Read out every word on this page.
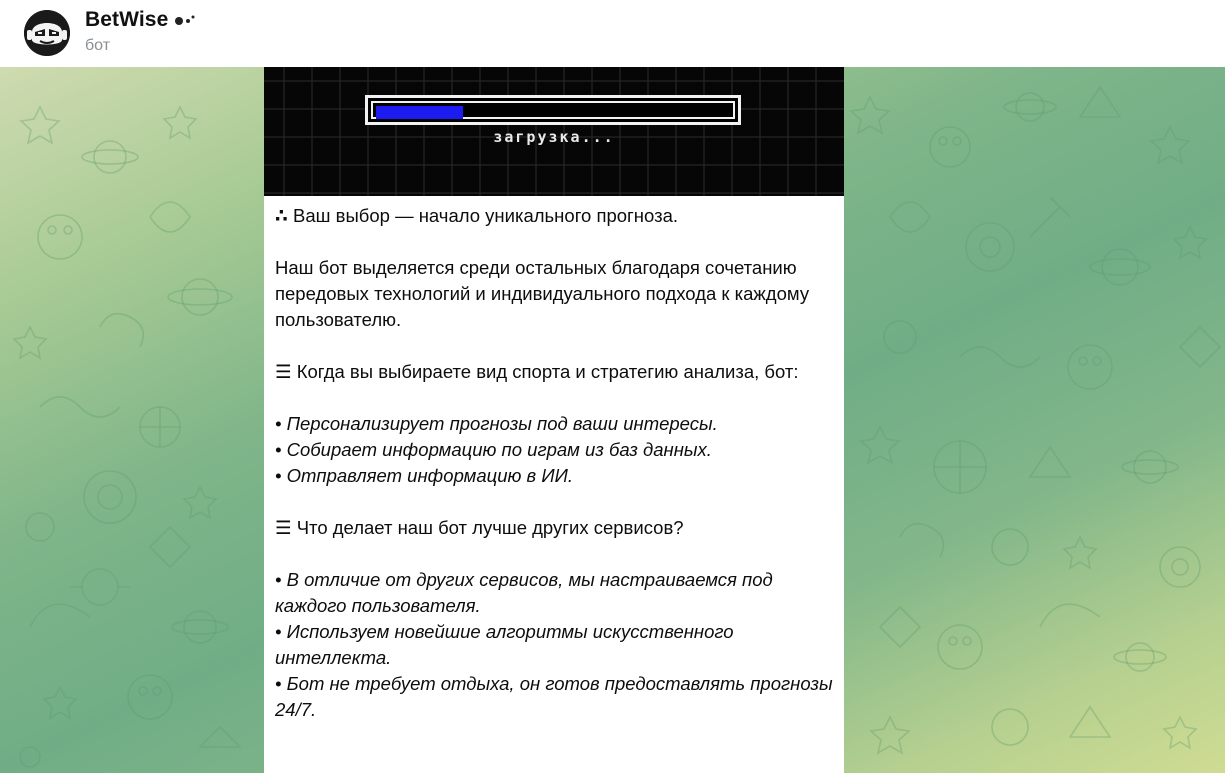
BetWise
бот
загрузка...

∴ Ваш выбор — начало уникального прогноза.

Наш бот выделяется среди остальных благодаря сочетанию передовых технологий и индивидуального подхода к каждому пользователю.

☰ Когда вы выбираете вид спорта и стратегию анализа, бот:

• Персонализирует прогнозы под ваши интересы.

• Собирает информацию по играм из баз данных.

• Отправляет информацию в ИИ.

☰ Что делает наш бот лучше других сервисов?

• В отличие от других сервисов, мы настраиваемся под каждого пользователя.

• Используем новейшие алгоритмы искусственного интеллекта.

• Бот не требует отдыха, он готов предоставлять прогнозы 24/7.
